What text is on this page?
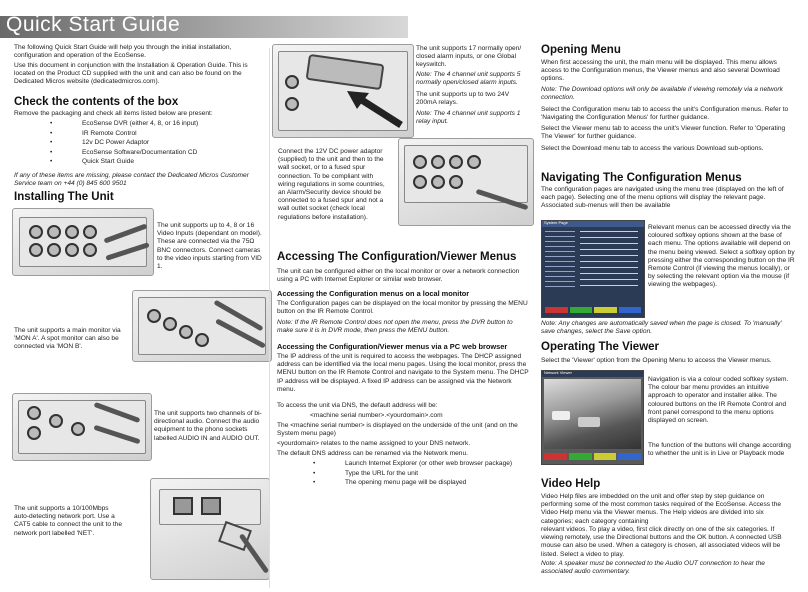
Quick Start Guide

The following Quick Start Guide will help you through the initial installation, configuration and operation of the EcoSense.

Use this document in conjunction with the Installation & Operation Guide. This is located on the Product CD supplied with the unit and can also be found on the Dedicated Micros website (dedicatedmicros.com).

Check the contents of the box

Remove the packaging and check all items listed below are present:

• EcoSense DVR (either 4, 8, or 16 input)
• IR Remote Control
• 12v DC Power Adaptor
• EcoSense Software/Documentation CD
• Quick Start Guide

If any of these items are missing, please contact the Dedicated Micros Customer Service team on +44 (0) 845 600 9501

Installing The Unit

The unit supports up to 4, 8 or 16 Video Inputs (dependant on model). These are connected via the 75Ω BNC connectors. Connect cameras to the video inputs starting from VID 1.

The unit supports a main monitor via 'MON A'. A spot monitor can also be connected via 'MON B'.

The unit supports two channels of bi-directional audio. Connect the audio equipment to the phono sockets labelled AUDIO IN and AUDIO OUT.

The unit supports a 10/100Mbps auto-detecting network port. Use a CAT5 cable to connect the unit to the network port labelled 'NET'.

The unit supports 17 normally open/ closed alarm inputs, or one Global keyswitch.

Note: The 4 channel unit supports 5 normally open/closed alarm inputs.

The unit supports up to two 24V 200mA relays.

Note: The 4 channel unit supports 1 relay input.

Connect the 12V DC power adaptor (supplied) to the unit and then to the wall socket, or to a fused spur connection. To be compliant with wiring regulations in some countries, an Alarm/Security device should be connected to a fused spur and not a wall outlet socket (check local regulations before installation).

Accessing The Configuration/Viewer Menus

The unit can be configured either on the local monitor or over a network connection using a PC with Internet Explorer or similar web browser.

Accessing the Configuration menus on a local monitor

The Configuration pages can be displayed on the local monitor by pressing the MENU button on the IR Remote Control.

Note: If the IR Remote Control does not open the menu, press the DVR button to make sure it is in DVR mode, then press the MENU button.

Accessing the Configuration/Viewer menus via a PC web browser

The IP address of the unit is required to access the webpages. The DHCP assigned address can be identified via the local menu pages. Using the local monitor, press the MENU button on the IR Remote Control and navigate to the System menu. The DHCP IP address will be displayed. A fixed IP address can be assigned via the Network menu.

To access the unit via DNS, the default address will be:

<machine serial number>.<yourdomain>.com

The <machine serial number> is displayed on the underside of the unit (and on the System menu page)

<yourdomain> relates to the name assigned to your DNS network.

The default DNS address can be renamed via the Network menu.

• Launch Internet Explorer (or other web browser package)
• Type the URL for the unit
• The opening menu page will be displayed
Opening Menu

When first accessing the unit, the main menu will be displayed. This menu allows access to the Configuration menus, the Viewer menus and also several Download options.

Note: The Download options will only be available if viewing remotely via a network connection.

Select the Configuration menu tab to access the unit's Configuration menus. Refer to 'Navigating the Configuration Menus' for further guidance.

Select the Viewer menu tab to access the unit's Viewer function. Refer to 'Operating The Viewer' for further guidance.

Select the Download menu tab to access the various Download sub-options.

Navigating The Configuration Menus

The configuration pages are navigated using the menu tree (displayed on the left of each page). Selecting one of the menu options will display the relevant page. Associated sub-menus will then be available

System Page

Relevant menus can be accessed directly via the coloured softkey options shown at the base of each menu. The options available will depend on the menu being viewed. Select a softkey option by pressing either the corresponding button on the IR Remote Control (if viewing the menus locally), or by selecting the relevant option via the mouse (if viewing the webpages).

Note: Any changes are automatically saved when the page is closed. To 'manually' save changes, select the Save option.

Operating The Viewer

Select the 'Viewer' option from the Opening Menu to access the Viewer menus.

Network Viewer

Navigation is via a colour coded softkey system. The colour bar menu provides an intuitive approach to operator and installer alike. The coloured buttons on the IR Remote Control and front panel correspond to the menu options displayed on screen.

The function of the buttons will change according to whether the unit is in Live or Playback mode

Video Help

Video Help files are imbedded on the unit and offer step by step guidance on performing some of the most common tasks required of the EcoSense. Access the Video Help menu via the Viewer menus. The Help videos are divided into six categories; each category containing

relevant videos. To play a video, first click directly on one of the six categories. If viewing remotely, use the Directional buttons and the OK button. A connected USB mouse can also be used. When a category is chosen, all associated videos will be listed. Select a video to play.

Note: A speaker must be connected to the Audio OUT connection to hear the associated audio commentary.
